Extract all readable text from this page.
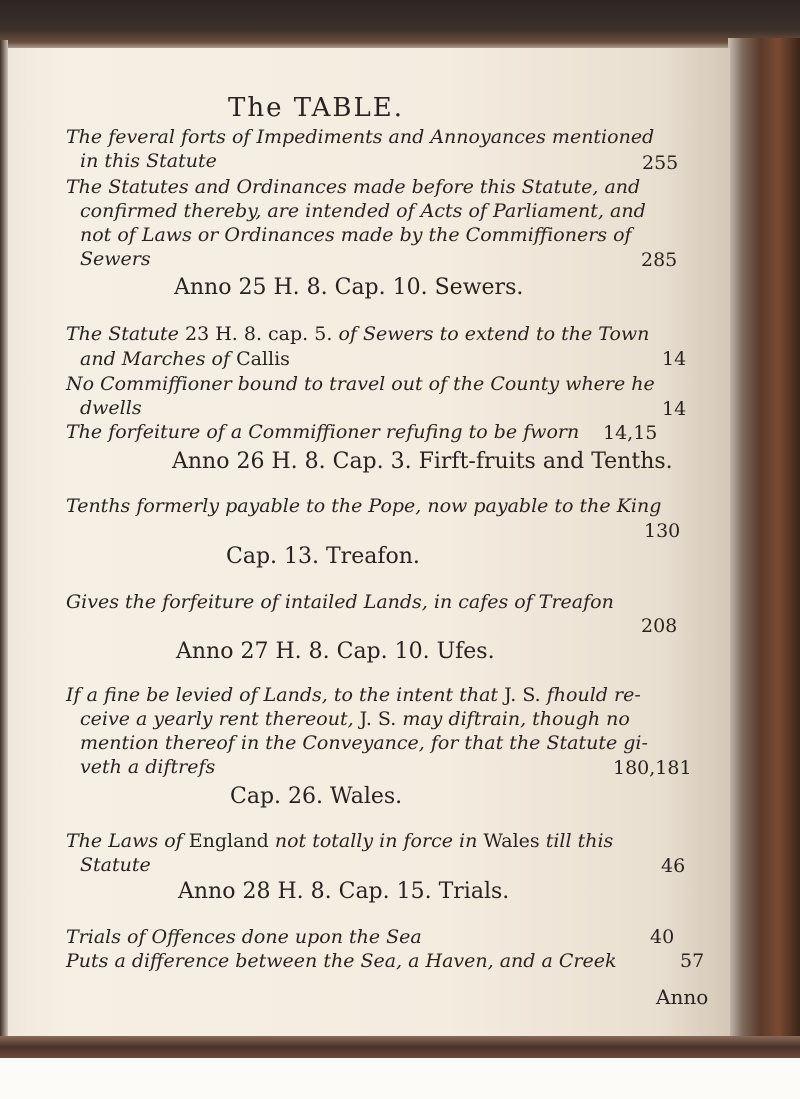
The TABLE.
The feveral forts of Impediments and Annoyances mentioned
in this Statute	255
The Statutes and Ordinances made before this Statute, and
confirmed thereby, are intended of Acts of Parliament, and
not of Laws or Ordinances made by the Commiffioners of
Sewers	285
Anno 25 H. 8. Cap. 10. Sewers.
The Statute 23 H. 8. cap. 5. of Sewers to extend to the Town
and Marches of Callis	14
No Commiffioner bound to travel out of the County where he
dwells	14
The forfeiture of a Commiffioner refufing to be fworn 14,15
Anno 26 H. 8. Cap. 3. Firft-fruits and Tenths.
Tenths formerly payable to the Pope, now payable to the King
130
Cap. 13. Treafon.
Gives the forfeiture of intailed Lands, in cafes of Treafon
208
Anno 27 H. 8. Cap. 10. Ufes.
If a fine be levied of Lands, to the intent that J. S. fhould re-
ceive a yearly rent thereout, J. S. may diftrain, though no
mention thereof in the Conveyance, for that the Statute gi-
veth a diftrefs	180,181
Cap. 26. Wales.
The Laws of England not totally in force in Wales till this
Statute	46
Anno 28 H. 8. Cap. 15. Trials.
Trials of Offences done upon the Sea	40
Puts a difference between the Sea, a Haven, and a Creek	57
Anno
